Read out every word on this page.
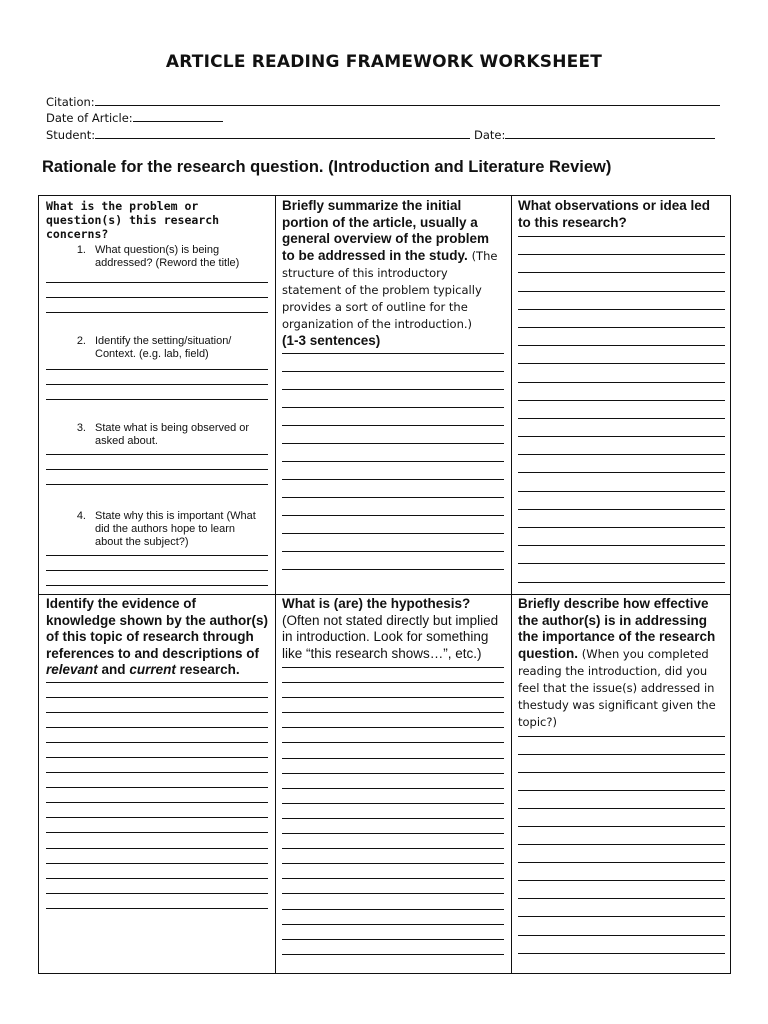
ARTICLE READING FRAMEWORK WORKSHEET
Citation:
Date of Article:
Student:	Date:
Rationale for the research question. (Introduction and Literature Review)
What is the problem or question(s) this research concerns?
1. What question(s) is being addressed? (Reword the title)
2. Identify the setting/situation/ Context. (e.g. lab, field)
3. State what is being observed or asked about.
4. State why this is important (What did the authors hope to learn about the subject?)
Briefly summarize the initial portion of the article, usually a general overview of the problem to be addressed in the study. (The structure of this introductory statement of the problem typically provides a sort of outline for the organization of the introduction.)
(1-3 sentences)
What observations or idea led to this research?
Identify the evidence of knowledge shown by the author(s) of this topic of research through references to and descriptions of relevant and current research.
What is (are) the hypothesis?
(Often not stated directly but implied in introduction. Look for something like “this research shows…”, etc.)
Briefly describe how effective the author(s) is in addressing the importance of the research question. (When you completed reading the introduction, did you feel that the issue(s) addressed in thestudy was significant given the topic?)
